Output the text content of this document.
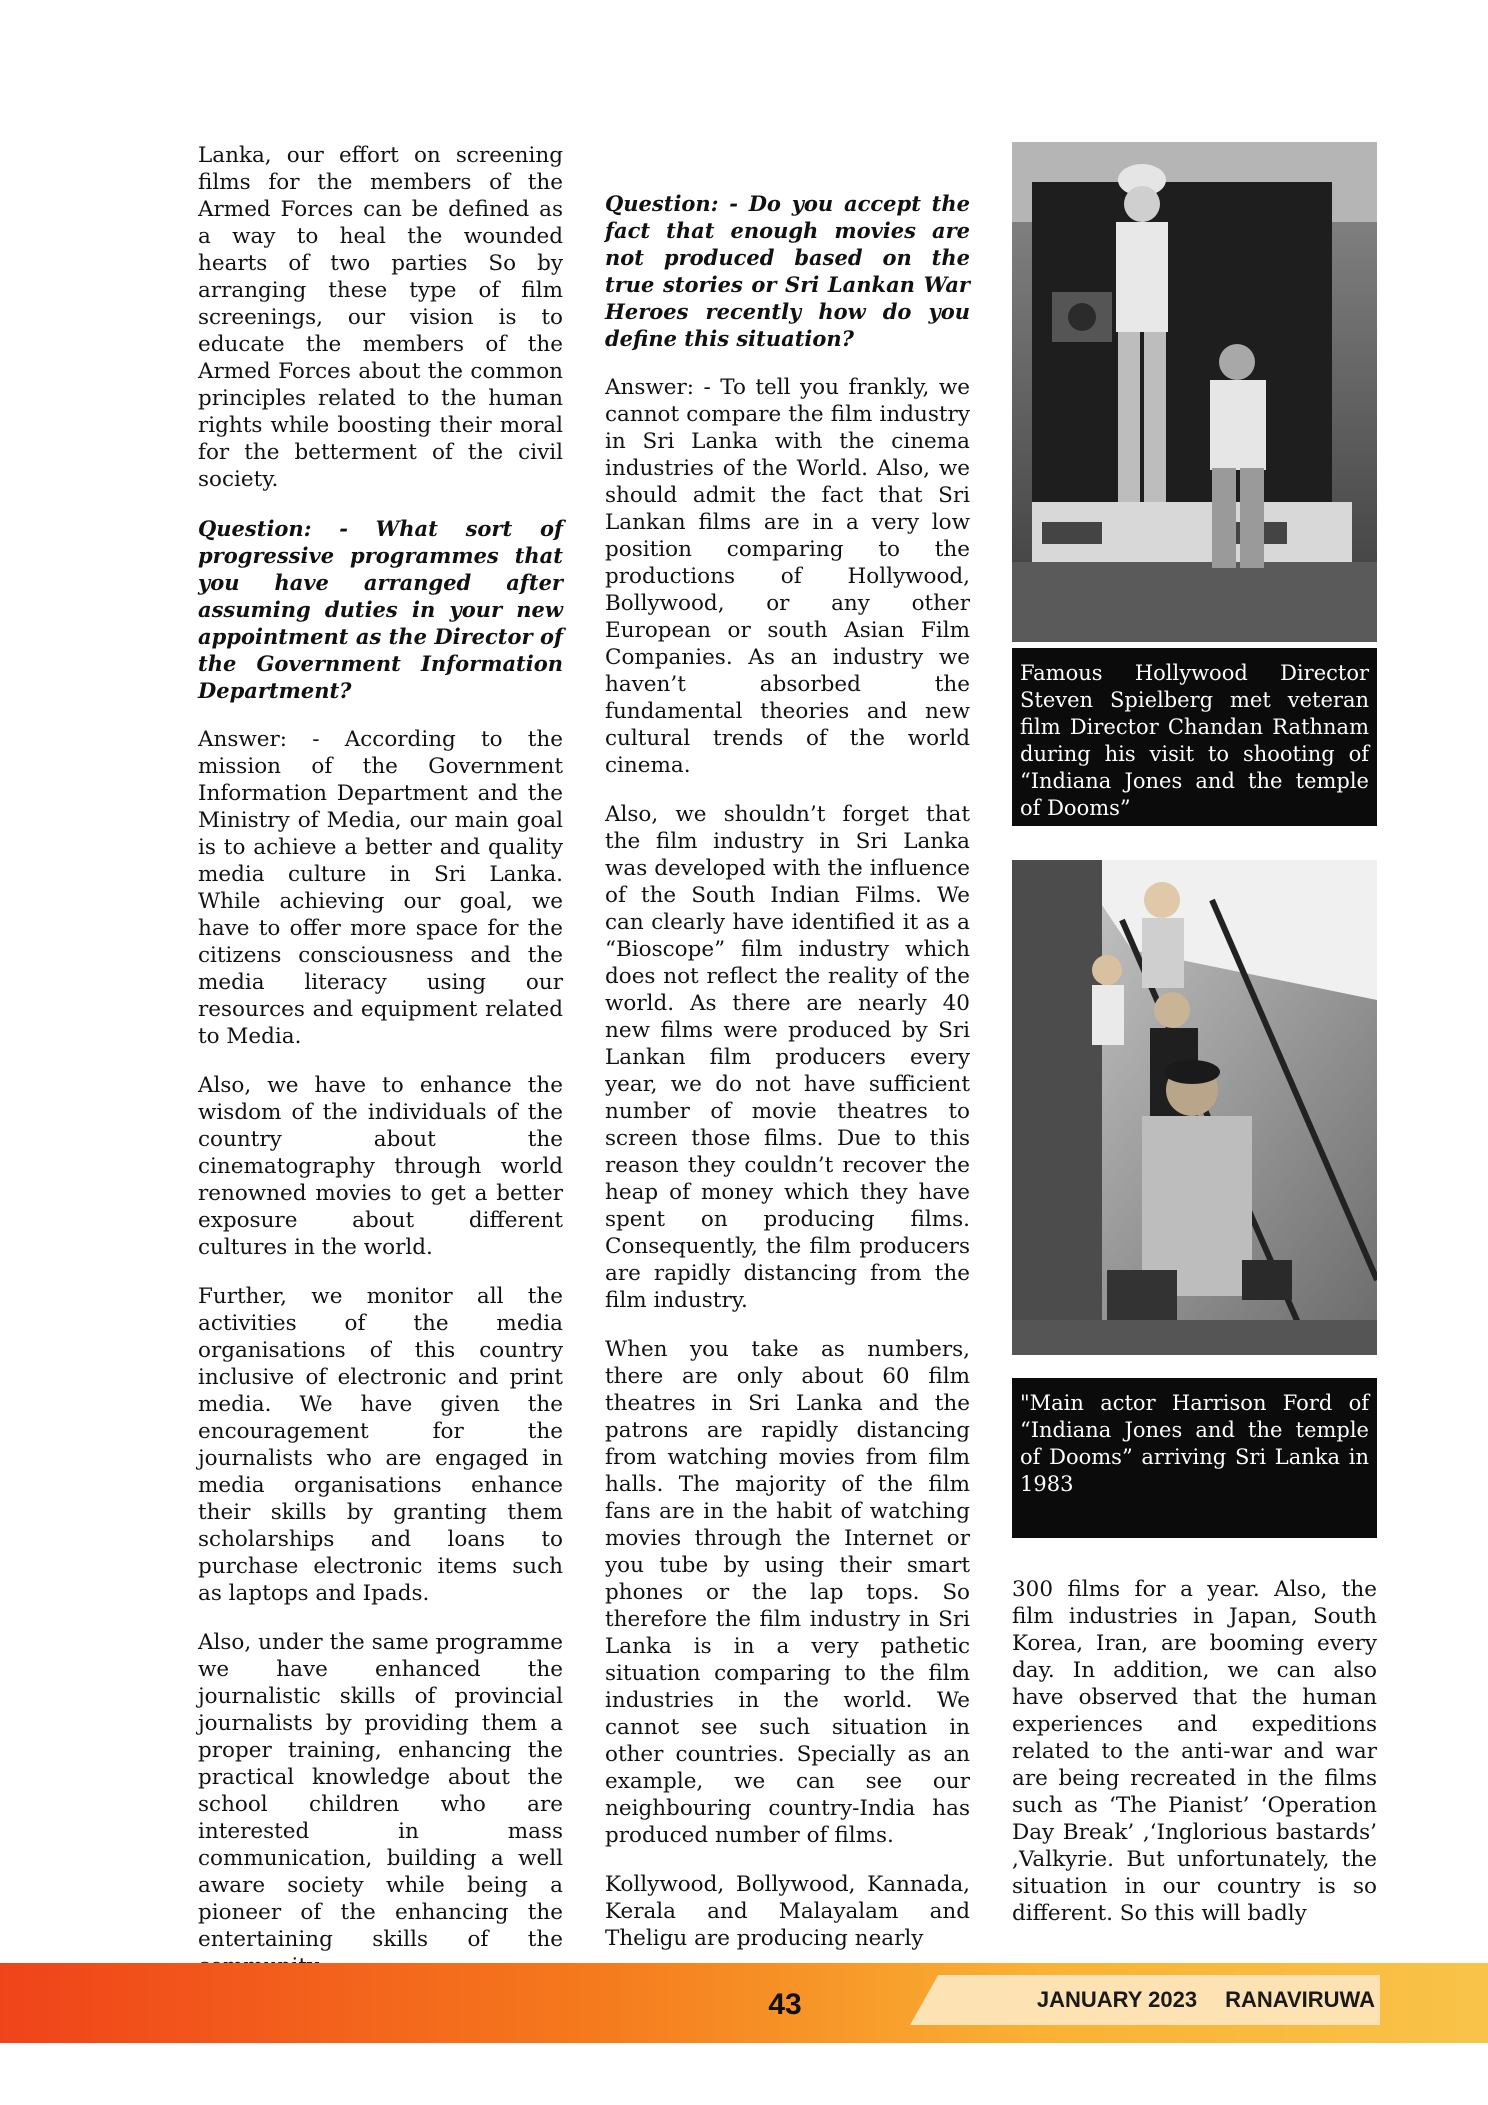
Lanka, our effort on screening films for the members of the Armed Forces can be defined as a way to heal the wounded hearts of two parties So by arranging these type of film screenings, our vision is to educate the members of the Armed Forces about the common principles related to the human rights while boosting their moral for the betterment of the civil society.

Question: - What sort of progressive programmes that you have arranged after assuming duties in your new appointment as the Director of the Government Information Department?

Answer: - According to the mission of the Government Information Department and the Ministry of Media, our main goal is to achieve a better and quality media culture in Sri Lanka. While achieving our goal, we have to offer more space for the citizens consciousness and the media literacy using our resources and equipment related to Media.

Also, we have to enhance the wisdom of the individuals of the country about the cinematography through world renowned movies to get a better exposure about different cultures in the world.

Further, we monitor all the activities of the media organisations of this country inclusive of electronic and print media. We have given the encouragement for the journalists who are engaged in media organisations enhance their skills by granting them scholarships and loans to purchase electronic items such as laptops and Ipads.

Also, under the same programme we have enhanced the journalistic skills of provincial journalists by providing them a proper training, enhancing the practical knowledge about the school children who are interested in mass communication, building a well aware society while being a pioneer of the enhancing the entertaining skills of the

Question: - Do you accept the fact that enough movies are not produced based on the true stories or Sri Lankan War Heroes recently how do you define this situation?

Answer: - To tell you frankly, we cannot compare the film industry in Sri Lanka with the cinema industries of the World. Also, we should admit the fact that Sri Lankan films are in a very low position comparing to the productions of Hollywood, Bollywood, or any other European or south Asian Film Companies. As an industry we haven’t absorbed the fundamental theories and new cultural trends of the world cinema.

Also, we shouldn’t forget that the film industry in Sri Lanka was developed with the influence of the South Indian Films. We can clearly have identified it as a “Bioscope” film industry which does not reflect the reality of the world. As there are nearly 40 new films were produced by Sri Lankan film producers every year, we do not have sufficient number of movie theatres to screen those films. Due to this reason they couldn’t recover the heap of money which they have spent on producing films. Consequently, the film producers are rapidly distancing from the film industry.

When you take as numbers, there are only about 60 film theatres in Sri Lanka and the patrons are rapidly distancing from watching movies from film halls. The majority of the film fans are in the habit of watching movies through the Internet or you tube by using their smart phones or the lap tops. So therefore the film industry in Sri Lanka is in a very pathetic situation comparing to the film industries in the world. We cannot see such situation in other countries. Specially as an example, we can see our neighbouring country-India has produced number of films.

Kollywood, Bollywood, Kannada, Kerala and Malayalam and Theligu are producing nearly

Famous Hollywood Director Steven Spielberg met veteran film Director Chandan Rathnam during his visit to shooting of “Indiana Jones and the temple of Dooms”
"Main actor Harrison Ford of “Indiana Jones and the temple of Dooms” arriving Sri Lanka in 1983

300 films for a year. Also, the film industries in Japan, South Korea, Iran, are booming every day. In addition, we can also have observed that the human experiences and expeditions related to the anti-war and war are being recreated in the films such as ‘The Pianist’ ‘Operation Day Break’ ,‘Inglorious bastards’ ,Valkyrie. But unfortunately, the situation in our country is so different. So this will badly

43	JANUARY 2023 RANAVIRUWA
